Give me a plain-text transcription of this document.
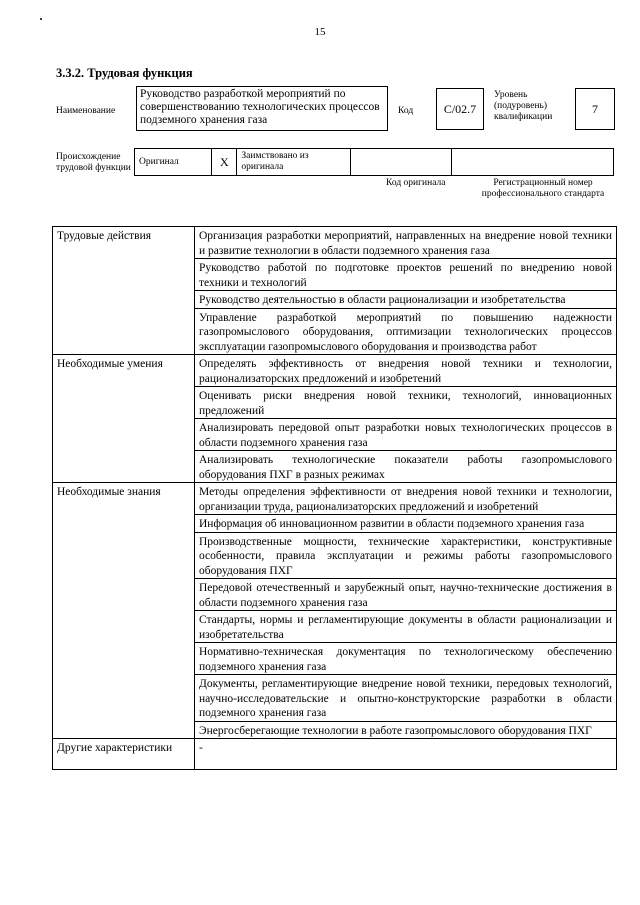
15
3.3.2. Трудовая функция
Наименование
Руководство разработкой мероприятий по совершенствованию технологических процессов подземного хранения газа
Код	С/02.7
Уровень (подуровень) квалификации
7
Происхождение трудовой функции
Оригинал	X	Заимствовано из оригинала		
Код оригинала	Регистрационный номер профессионального стандарта
Трудовые действия	Организация разработки мероприятий, направленных на внедрение новой техники и развитие технологии в области подземного хранения газа
	Руководство работой по подготовке проектов решений по внедрению новой техники и технологий
	Руководство деятельностью в области рационализации и изобретательства
	Управление разработкой мероприятий по повышению надежности газопромыслового оборудования, оптимизации технологических процессов эксплуатации газопромыслового оборудования и производства работ
Необходимые умения	Определять эффективность от внедрения новой техники и технологии, рационализаторских предложений и изобретений
	Оценивать риски внедрения новой техники, технологий, инновационных предложений
	Анализировать передовой опыт разработки новых технологических процессов в области подземного хранения газа
	Анализировать технологические показатели работы газопромыслового оборудования ПХГ в разных режимах
Необходимые знания	Методы определения эффективности от внедрения новой техники и технологии, организации труда, рационализаторских предложений и изобретений
	Информация об инновационном развитии в области подземного хранения газа
	Производственные мощности, технические характеристики, конструктивные особенности, правила эксплуатации и режимы работы газопромыслового оборудования ПХГ
	Передовой отечественный и зарубежный опыт, научно-технические достижения в области подземного хранения газа
	Стандарты, нормы и регламентирующие документы в области рационализации и изобретательства
	Нормативно-техническая документация по технологическому обеспечению подземного хранения газа
	Документы, регламентирующие внедрение новой техники, передовых технологий, научно-исследовательские и опытно-конструкторские разработки в области подземного хранения газа
	Энергосберегающие технологии в работе газопромыслового оборудования ПХГ
Другие характеристики	-
